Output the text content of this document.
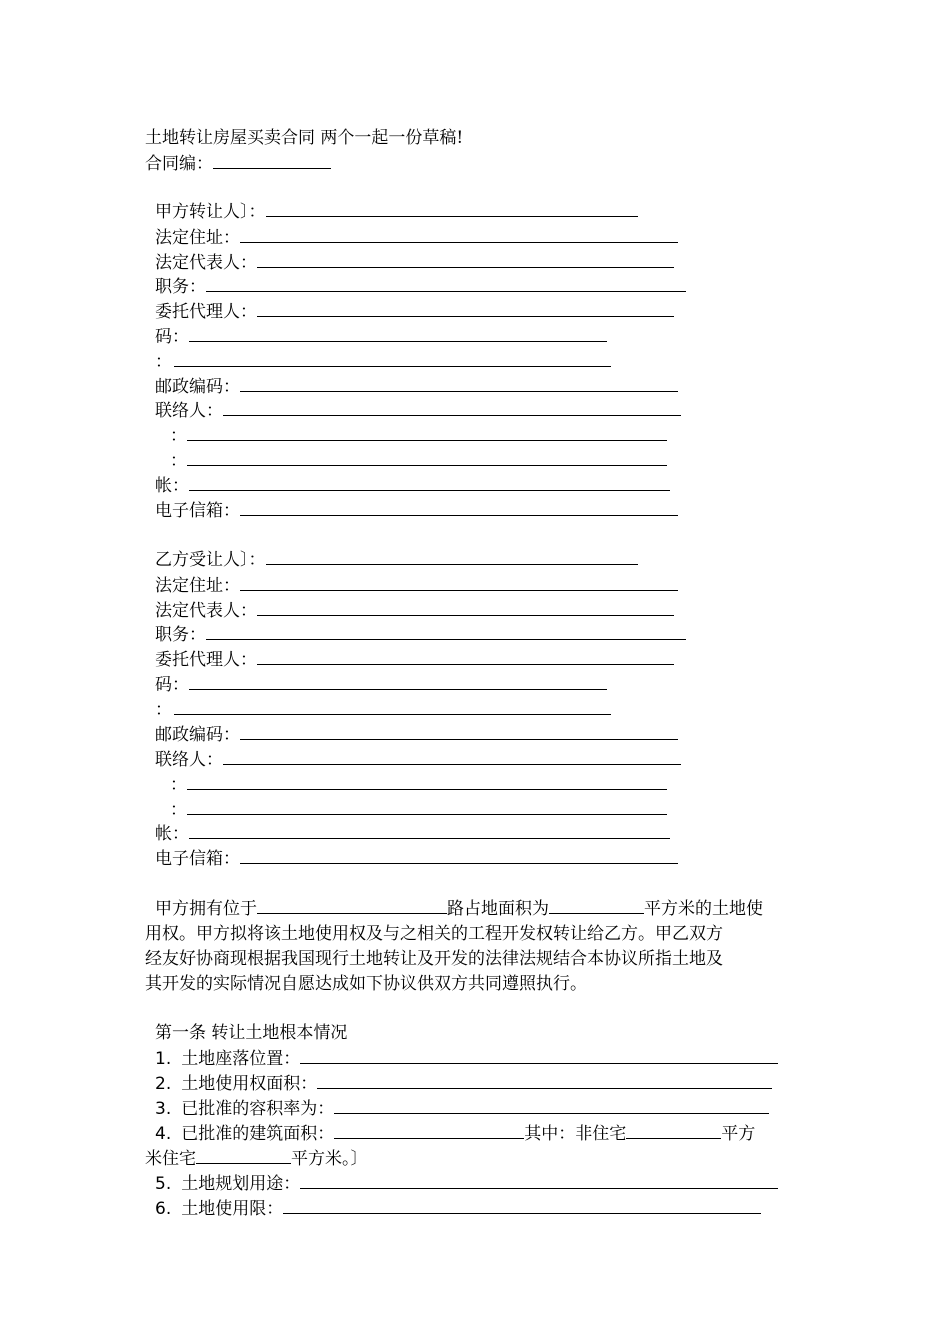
土地转让房屋买卖合同 两个一起一份草稿!
合同编：
甲方转让人〕：
法定住址：
法定代表人：
职务：
委托代理人：
码：
：
邮政编码：
联络人：
：
：
帐：
电子信箱：
乙方受让人〕：
法定住址：
法定代表人：
职务：
委托代理人：
码：
：
邮政编码：
联络人：
：
：
帐：
电子信箱：
甲方拥有位于	路占地面积为	平方米的土地使
用权。甲方拟将该土地使用权及与之相关的工程开发权转让给乙方。甲乙双方
经友好协商现根据我国现行土地转让及开发的法律法规结合本协议所指土地及
其开发的实际情况自愿达成如下协议供双方共同遵照执行。
第一条 转让土地根本情况
1. 土地座落位置：
2. 土地使用权面积：
3. 已批准的容积率为：
4. 已批准的建筑面积：	其中：非住宅	平方
米住宅	平方米。〕
5. 土地规划用途：
6. 土地使用限：
